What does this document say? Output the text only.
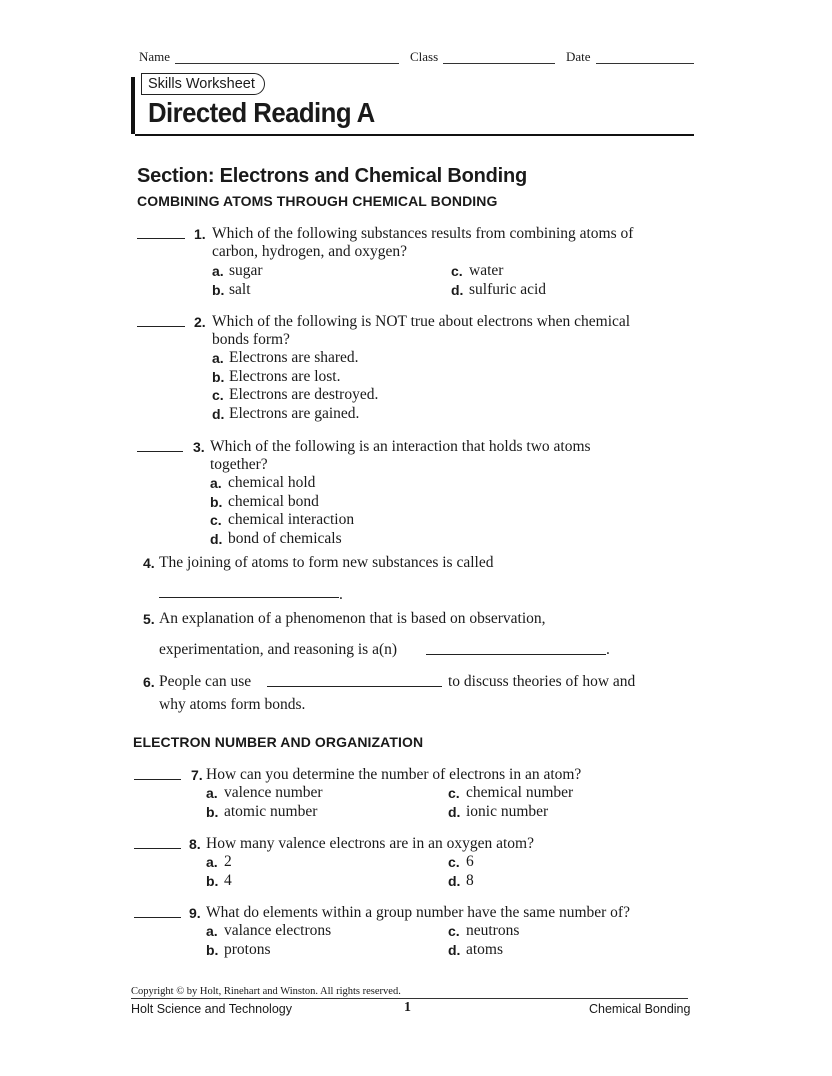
Name	Class	Date
Skills Worksheet
Directed Reading A
Section: Electrons and Chemical Bonding
COMBINING ATOMS THROUGH CHEMICAL BONDING
1. Which of the following substances results from combining atoms of
carbon, hydrogen, and oxygen?
a. sugar
b. salt
c. water
d. sulfuric acid
2. Which of the following is NOT true about electrons when chemical
bonds form?
a. Electrons are shared.
b. Electrons are lost.
c. Electrons are destroyed.
d. Electrons are gained.
3. Which of the following is an interaction that holds two atoms
together?
a. chemical hold
b. chemical bond
c. chemical interaction
d. bond of chemicals
4. The joining of atoms to form new substances is called
.
5. An explanation of a phenomenon that is based on observation,
experimentation, and reasoning is a(n)	.
6. People can use	to discuss theories of how and
why atoms form bonds.
ELECTRON NUMBER AND ORGANIZATION
7. How can you determine the number of electrons in an atom?
a. valence number
b. atomic number
c. chemical number
d. ionic number
8. How many valence electrons are in an oxygen atom?
a. 2
b. 4
c. 6
d. 8
9. What do elements within a group number have the same number of?
a. valance electrons
b. protons
c. neutrons
d. atoms
Copyright © by Holt, Rinehart and Winston. All rights reserved.
Holt Science and Technology	1	Chemical Bonding
